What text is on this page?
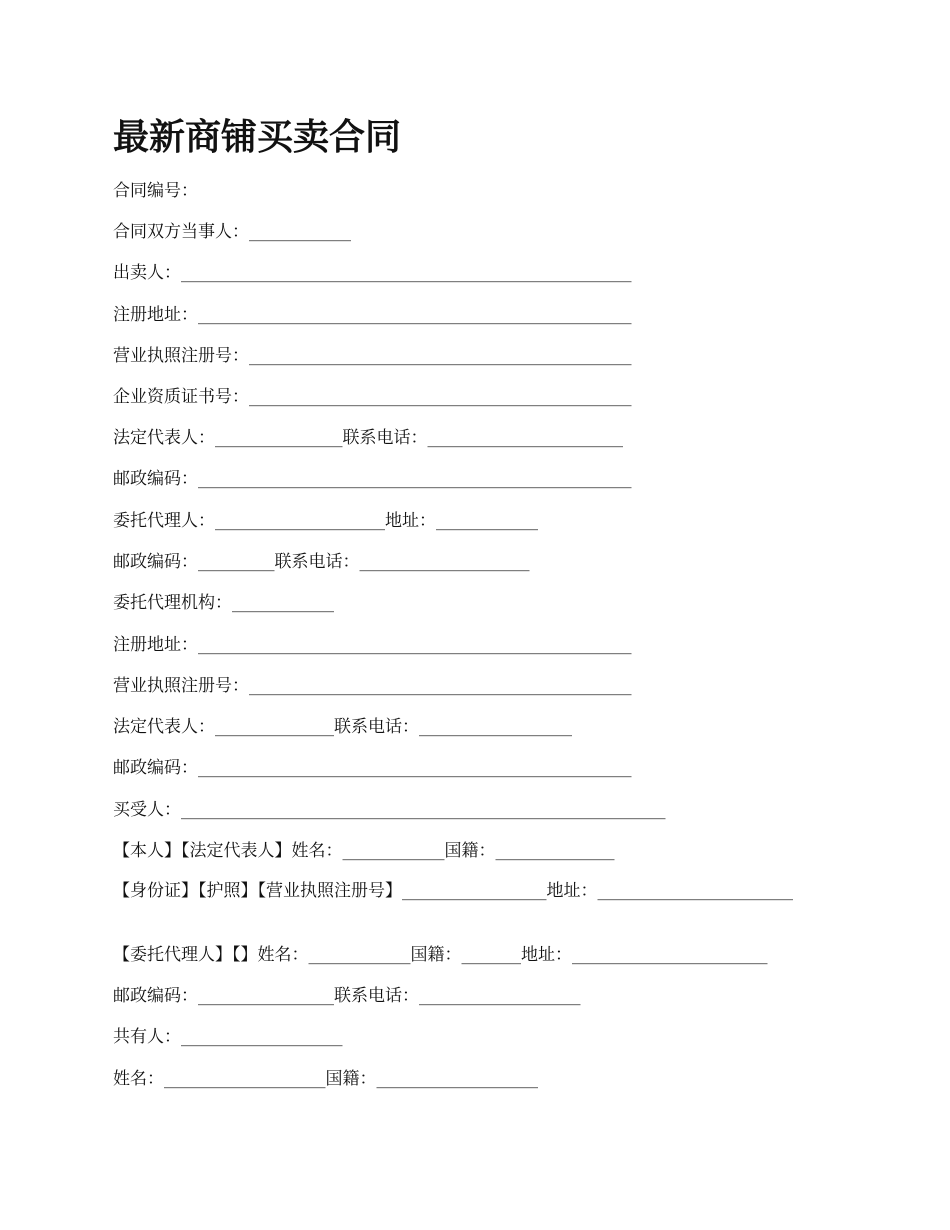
最新商铺买卖合同
合同编号：
合同双方当事人：____________
出卖人：_____________________________________________________
注册地址：___________________________________________________
营业执照注册号：_____________________________________________
企业资质证书号：_____________________________________________
法定代表人：_______________联系电话：_______________________
邮政编码：___________________________________________________
委托代理人：____________________地址：____________
邮政编码：_________联系电话：____________________
委托代理机构：____________
注册地址：___________________________________________________
营业执照注册号：_____________________________________________
法定代表人：______________联系电话：__________________
邮政编码：___________________________________________________
买受人：_________________________________________________________
【本人】【法定代表人】姓名：____________国籍：______________
【身份证】【护照】【营业执照注册号】_________________地址：_______________________
【委托代理人】【】姓名：____________国籍：_______地址：_______________________
邮政编码：________________联系电话：___________________
共有人：___________________
姓名：___________________国籍：___________________
